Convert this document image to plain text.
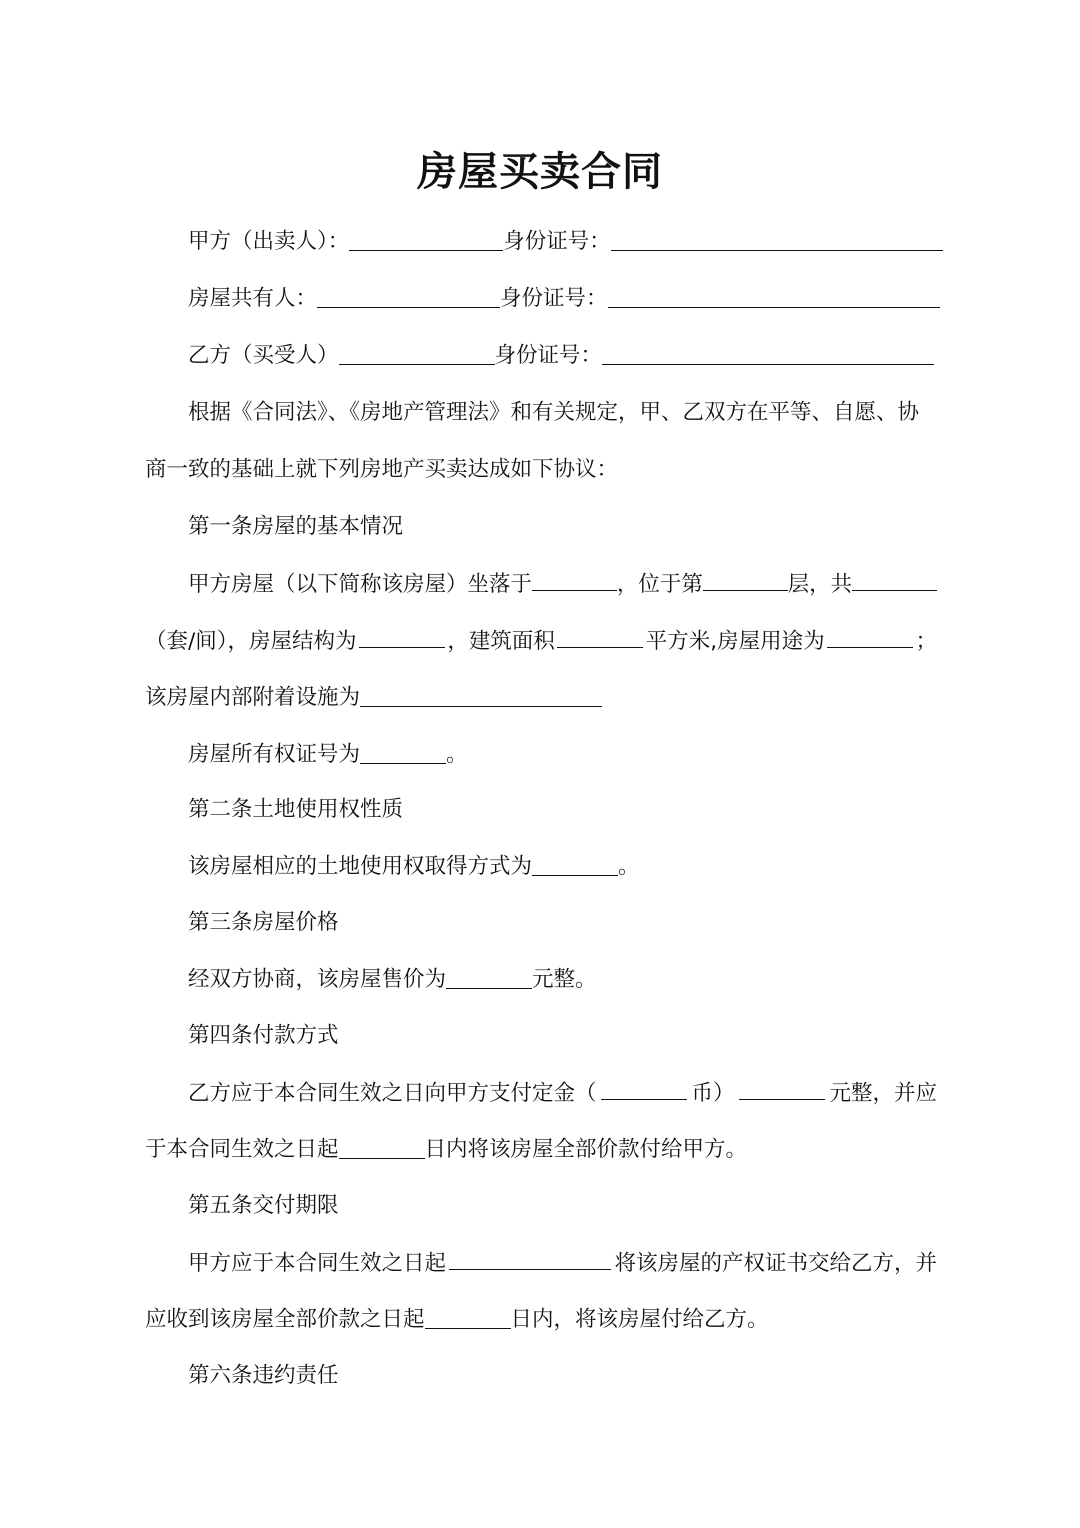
房屋买卖合同
甲方（出卖人）：	身份证号：
房屋共有人：	身份证号：
乙方（买受人）	身份证号：
根据《合同法》、《房地产管理法》和有关规定，甲、乙双方在平等、自愿、协
商一致的基础上就下列房地产买卖达成如下协议：
第一条房屋的基本情况
甲方房屋（以下简称该房屋）坐落于	，位于第	层，共
（套/间），房屋结构为	，建筑面积	平方米,房屋用途为	；
该房屋内部附着设施为
房屋所有权证号为	。
第二条土地使用权性质
该房屋相应的土地使用权取得方式为	。
第三条房屋价格
经双方协商，该房屋售价为	元整。
第四条付款方式
乙方应于本合同生效之日向甲方支付定金（	币）	元整，并应
于本合同生效之日起	日内将该房屋全部价款付给甲方。
第五条交付期限
甲方应于本合同生效之日起	将该房屋的产权证书交给乙方，并
应收到该房屋全部价款之日起	日内，将该房屋付给乙方。
第六条违约责任
